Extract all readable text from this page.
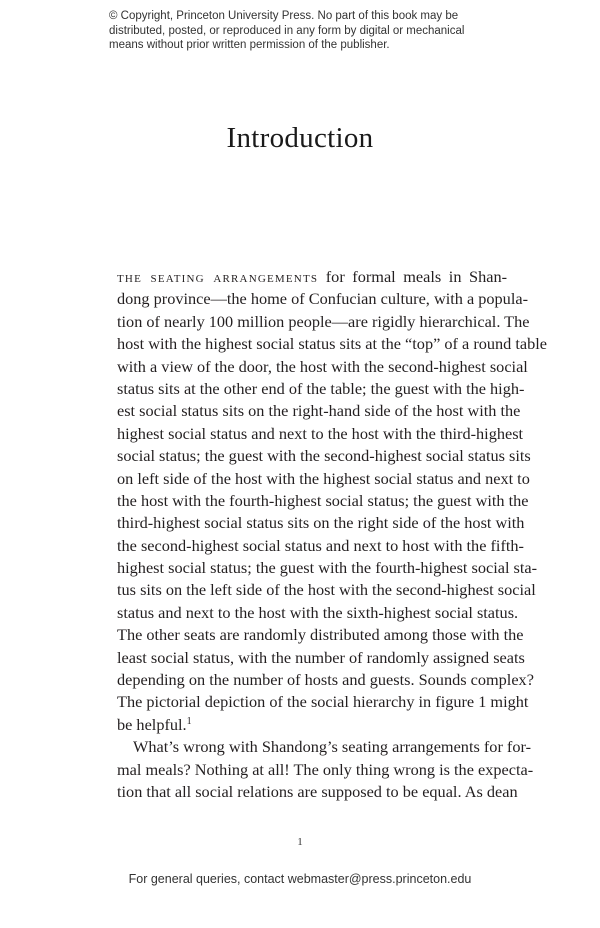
© Copyright, Princeton University Press. No part of this book may be
distributed, posted, or reproduced in any form by digital or mechanical
means without prior written permission of the publisher.
Introduction
the seating arrangements for formal meals in Shan-
dong province—the home of Confucian culture, with a popula-
tion of nearly 100 million people—are rigidly hierarchical. The
host with the highest social status sits at the “top” of a round table
with a view of the door, the host with the second-highest social
status sits at the other end of the table; the guest with the high-
est social status sits on the right-hand side of the host with the
highest social status and next to the host with the third-highest
social status; the guest with the second-highest social status sits
on left side of the host with the highest social status and next to
the host with the fourth-highest social status; the guest with the
third-highest social status sits on the right side of the host with
the second-highest social status and next to host with the fifth-
highest social status; the guest with the fourth-highest social sta-
tus sits on the left side of the host with the second-highest social
status and next to the host with the sixth-highest social status.
The other seats are randomly distributed among those with the
least social status, with the number of randomly assigned seats
depending on the number of hosts and guests. Sounds complex?
The pictorial depiction of the social hierarchy in figure 1 might
be helpful.$^1$
What’s wrong with Shandong’s seating arrangements for for-
mal meals? Nothing at all! The only thing wrong is the expecta-
tion that all social relations are supposed to be equal. As dean
1
For general queries, contact webmaster@press.princeton.edu
